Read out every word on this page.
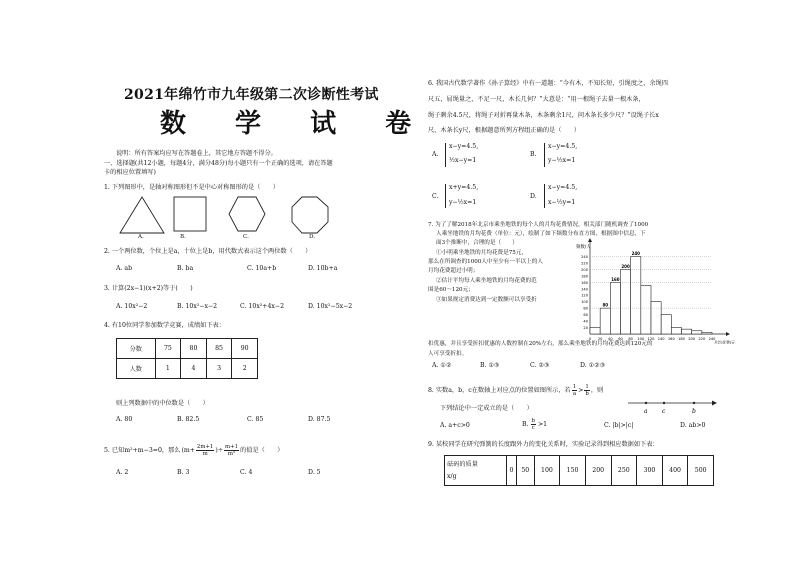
2021年绵竹市九年级第二次诊断性考试
数 学 试 卷
说明：所有答案均应写在答题卷上，其它地方答题不得分。
一、选择题(共12小题，每题4分，满分48分)每小题只有一个正确的选项，请在答题
卡的相应位置填写)
1. 下列图形中，是轴对称图形但不是中心对称图形的是（　　）
A.	B.	C.	D.
2. 一个两位数，个位上是a，十位上是b，用代数式表示这个两位数（　　）
A. ab	B. ba	C. 10a+b	D. 10b+a
3. 计算(2x−1)(x+2)等于(　　)
A. 10x²−2	B. 10x²−x−2	C. 10x²+4x−2	D. 10x²−5x−2
4. 有10位同学参加数学竞赛，成绩如下表：
分数	75	80	85	90
人数	1	4	3	2
则上列数据中的中位数是（　　）
A. 80	B. 82.5	C. 85	D. 87.5
5. 已知m²+m−3=0，那么 ($m+ \frac{2m+1}{m}$ )÷ $\frac{m+1}{\text{m²}}$ 的值是（　　）
A. 2	B. 3	C. 4	D. 5
6. 我国古代数学著作《孙子算经》中有一道题：“今有木，不知长短，引绳度之，余绳四
尺五，屈绳量之，不足一尺，木长几何？”大意是：“用一根绳子去量一根木条，
绳子剩余4.5尺，将绳子对折再量木条，木条剩余1尺，问木条长多少尺？”设绳子长x
尺，木条长y尺，根据题意所列方程组正确的是（　　）
A.
x−y=4.5,
½x−y=1
B.
x−y=4.5,
y−½x=1
C.
x+y=4.5,
y−½x=1
D.
x−y=4.5,
x−½y=1
7. 为了了解2018年北京市乘坐地铁的每个人的月均花费情况，相关部门随机调查了1000
人乘坐地铁的月均花费（单位：元），绘制了如下频数分布直方图，根据图中信息，下
面3个推断中，合理的是（　　）
①小明乘坐地铁的月均花费是75元，
那么在所调查的1000人中至少有一半以上的人
月均花费超过小明；
②估计平均每人乘坐地铁的月均花费的范
围是60～120元；
③如果规定消费达到一定数额可以享受折
扣优惠，并且享受折扣优惠的人数控制在20%左右，那么乘坐地铁的月均花费达到120元的
人可享受折扣。
A. ①②	B. ①③	C. ②③	D. ①②③
频数/人
月均花费/元
20
40
60
80
100
120
140
160
180
200
220
240
80
160
200
240
0 20 40 60 80 100 120 140 160 180 200 220 240
8. 实数a，b，c在数轴上对应点的位置如图所示，若 $\frac{1}{a} > \frac{1}{b}$ ，则
下列结论中一定成立的是（　　）	a c	b
A. a+c>0	B. $\frac{b}{c} >1$	C. |b|>|c|	D. ab>0
9. 某校同学在研究弹簧的长度跟外力的变化关系时，实验记录得到相应数据如下表：
砝码的质量
x/g	0	50	100	150	200	250	300	400	500
